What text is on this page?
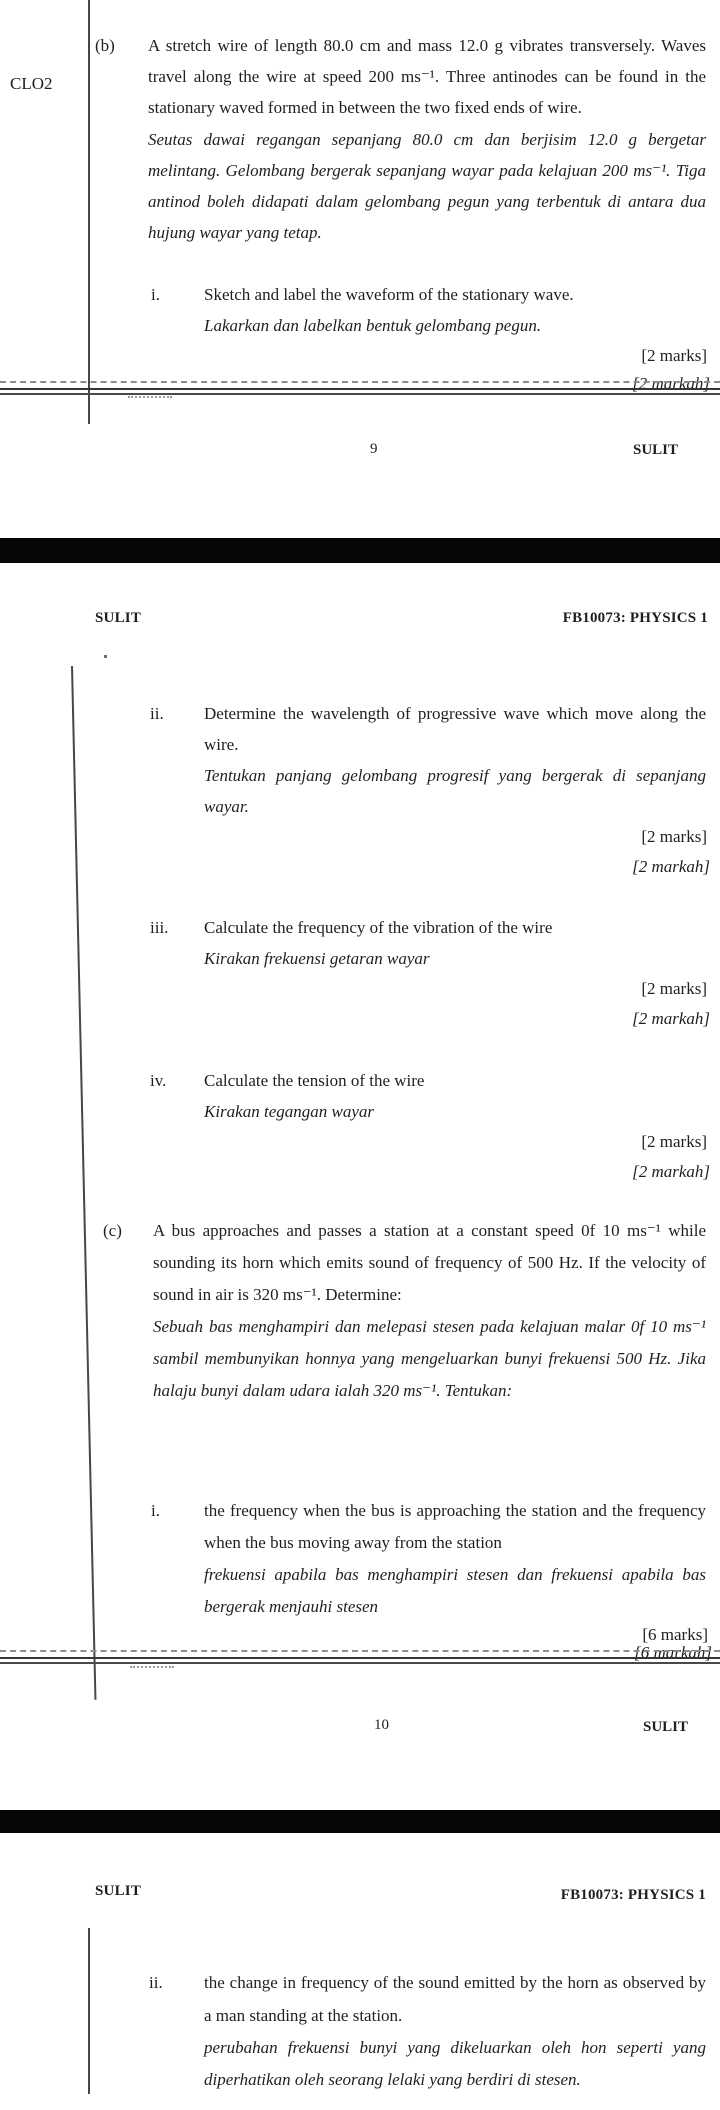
CLO2
(b) A stretch wire of length 80.0 cm and mass 12.0 g vibrates transversely. Waves
travel along the wire at speed 200 ms⁻¹. Three antinodes can be found in the
stationary waved formed in between the two fixed ends of wire.
Seutas dawai regangan sepanjang 80.0 cm dan berjisim 12.0 g bergetar
melintang. Gelombang bergerak sepanjang wayar pada kelajuan 200 ms⁻¹. Tiga
antinod boleh didapati dalam gelombang pegun yang terbentuk di antara dua
hujung wayar yang tetap.
i.	Sketch and label the waveform of the stationary wave.
Lakarkan dan labelkan bentuk gelombang pegun.
[2 marks]
[2 markah]
9	SULIT
SULIT	FB10073: PHYSICS 1
ii. Determine the wavelength of progressive wave which move along the
wire.
Tentukan panjang gelombang progresif yang bergerak di sepanjang
wayar.
[2 marks]
[2 markah]
iii. Calculate the frequency of the vibration of the wire
Kirakan frekuensi getaran wayar
[2 marks]
[2 markah]
iv. Calculate the tension of the wire
Kirakan tegangan wayar
[2 marks]
[2 markah]
(c) A bus approaches and passes a station at a constant speed 0f 10 ms⁻¹ while
sounding its horn which emits sound of frequency of 500 Hz. If the velocity of
sound in air is 320 ms⁻¹. Determine:
Sebuah bas menghampiri dan melepasi stesen pada kelajuan malar 0f 10 ms⁻¹
sambil membunyikan honnya yang mengeluarkan bunyi frekuensi 500 Hz. Jika
halaju bunyi dalam udara ialah 320 ms⁻¹. Tentukan:
i.	the frequency when the bus is approaching the station and the frequency
when the bus moving away from the station
frekuensi apabila bas menghampiri stesen dan frekuensi apabila bas
bergerak menjauhi stesen
[6 marks]
[6 markah]
10	SULIT
SULIT	FB10073: PHYSICS 1
ii. the change in frequency of the sound emitted by the horn as observed by
a man standing at the station.
perubahan frekuensi bunyi yang dikeluarkan oleh hon seperti yang
diperhatikan oleh seorang lelaki yang berdiri di stesen.
